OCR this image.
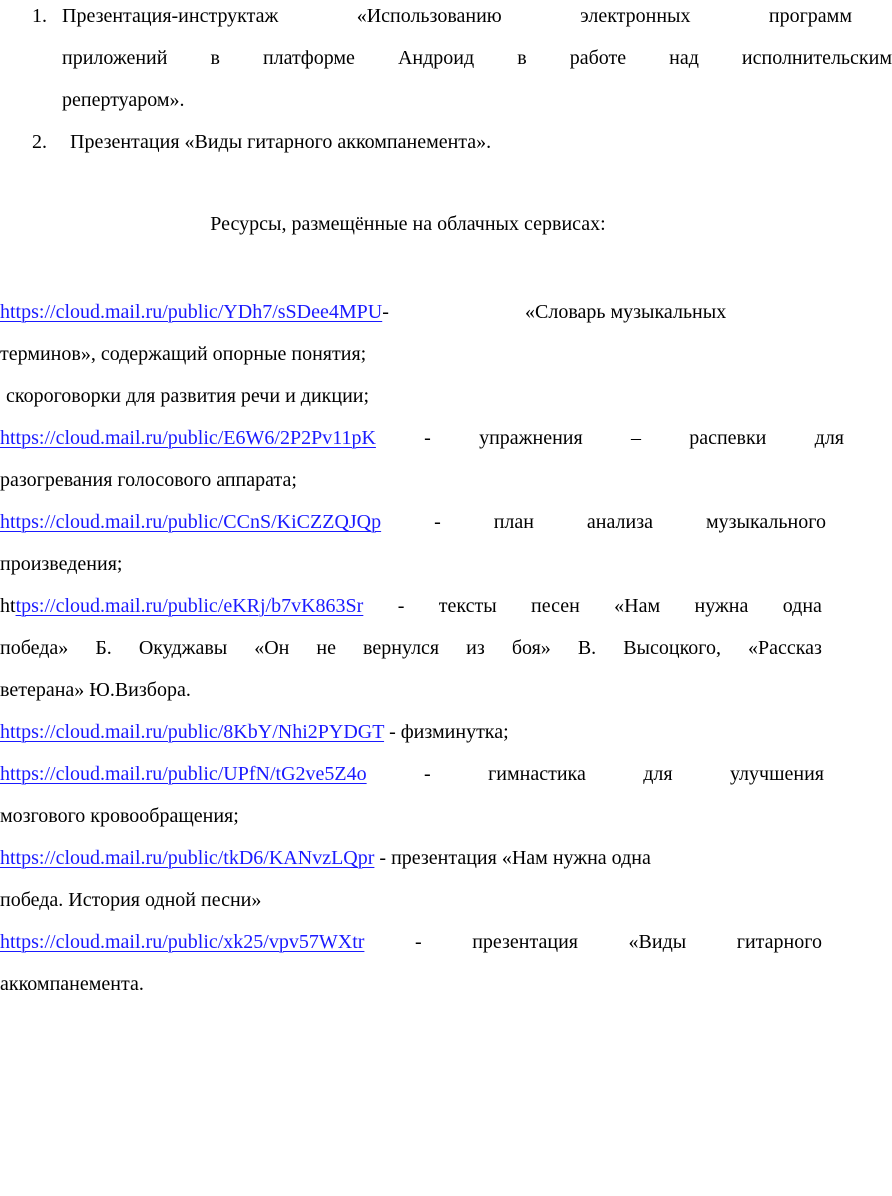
1. Презентация-инструктаж	«Использованию	электронных	программ
приложений в платформе Андроид в работе над исполнительским
репертуаром».
2. Презентация «Виды гитарного аккомпанемента».
Ресурсы, размещённые на облачных сервисах:
https://cloud.mail.ru/public/YDh7/sSDee4MPU-	«Словарь музыкальных
терминов», содержащий опорные понятия;
скороговорки для развития речи и дикции;
https://cloud.mail.ru/public/E6W6/2P2Pv11pK - упражнения – распевки для
разогревания голосового аппарата;
https://cloud.mail.ru/public/CCnS/KiCZZQJQp	-	план	анализа	музыкального
произведения;
https://cloud.mail.ru/public/eKRj/b7vK863Sr - тексты песен «Нам нужна одна
победа» Б. Окуджавы «Он не вернулся из боя» В. Высоцкого, «Рассказ
ветерана» Ю.Визбора.
https://cloud.mail.ru/public/8KbY/Nhi2PYDGT - физминутка;
https://cloud.mail.ru/public/UPfN/tG2ve5Z4o	-	гимнастика	для	улучшения
мозгового кровообращения;
https://cloud.mail.ru/public/tkD6/KANvzLQpr - презентация «Нам нужна одна
победа. История одной песни»
https://cloud.mail.ru/public/xk25/vpv57WXtr	-	презентация	«Виды	гитарного
аккомпанемента.
